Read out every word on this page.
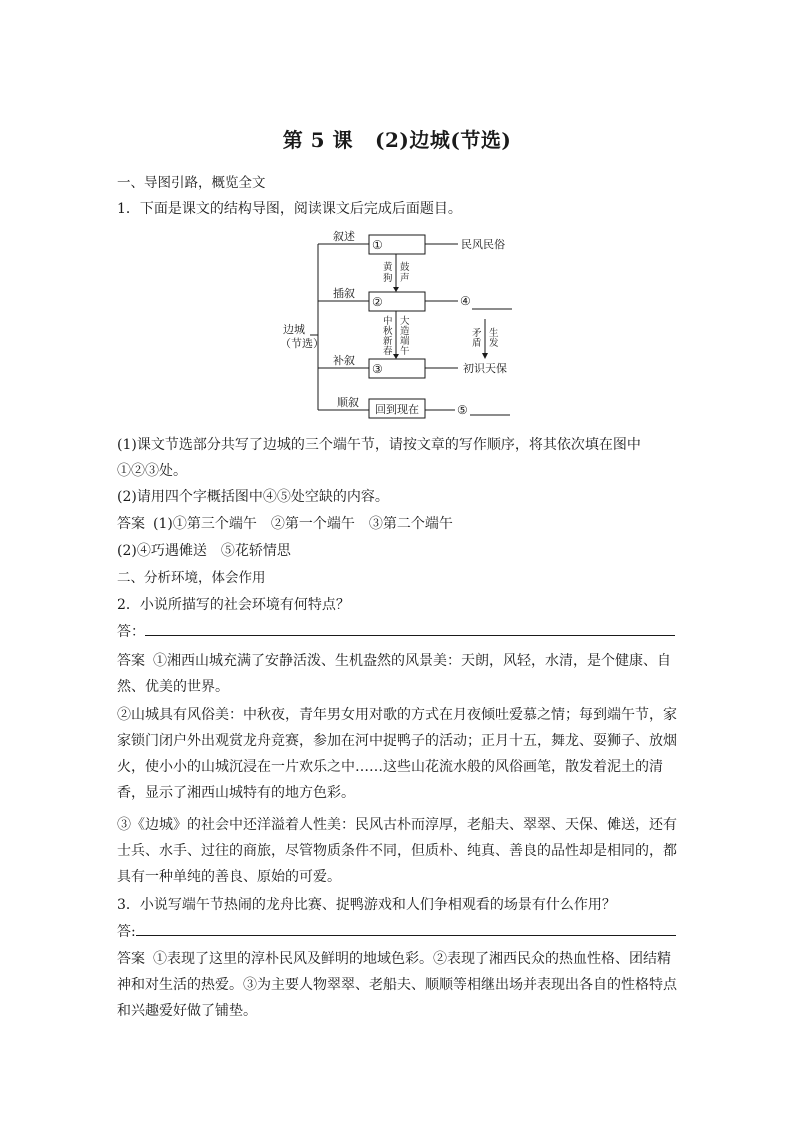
第 5 课 (2)边城(节选)

一、导图引路，概览全文

1．下面是课文的结构导图，阅读课文后完成后面题目。

边城
（节选）
叙述
插叙
补叙
顺叙
①
②
③
回到现在
民风民俗
④
初识天保
⑤
黄
狗
鼓
声
中
秋
新
春
大
造
端
午
矛
盾
生
发

(1)课文节选部分共写了边城的三个端午节，请按文章的写作顺序，将其依次填在图中①②③处。

(2)请用四个字概括图中④⑤处空缺的内容。

答案 (1)①第三个端午　②第一个端午　③第二个端午

(2)④巧遇傩送　⑤花轿情思

二、分析环境，体会作用

2．小说所描写的社会环境有何特点？

答：

答案 ①湘西山城充满了安静活泼、生机盎然的风景美：天朗，风轻，水清，是个健康、自然、优美的世界。

②山城具有风俗美：中秋夜，青年男女用对歌的方式在月夜倾吐爱慕之情；每到端午节，家家锁门闭户外出观赏龙舟竞赛，参加在河中捉鸭子的活动；正月十五，舞龙、耍狮子、放烟火，使小小的山城沉浸在一片欢乐之中……这些山花流水般的风俗画笔，散发着泥土的清香，显示了湘西山城特有的地方色彩。

③《边城》的社会中还洋溢着人性美：民风古朴而淳厚，老船夫、翠翠、天保、傩送，还有士兵、水手、过往的商旅，尽管物质条件不同，但质朴、纯真、善良的品性却是相同的，都具有一种单纯的善良、原始的可爱。

3．小说写端午节热闹的龙舟比赛、捉鸭游戏和人们争相观看的场景有什么作用？

答:

答案 ①表现了这里的淳朴民风及鲜明的地域色彩。②表现了湘西民众的热血性格、团结精神和对生活的热爱。③为主要人物翠翠、老船夫、顺顺等相继出场并表现出各自的性格特点和兴趣爱好做了铺垫。
